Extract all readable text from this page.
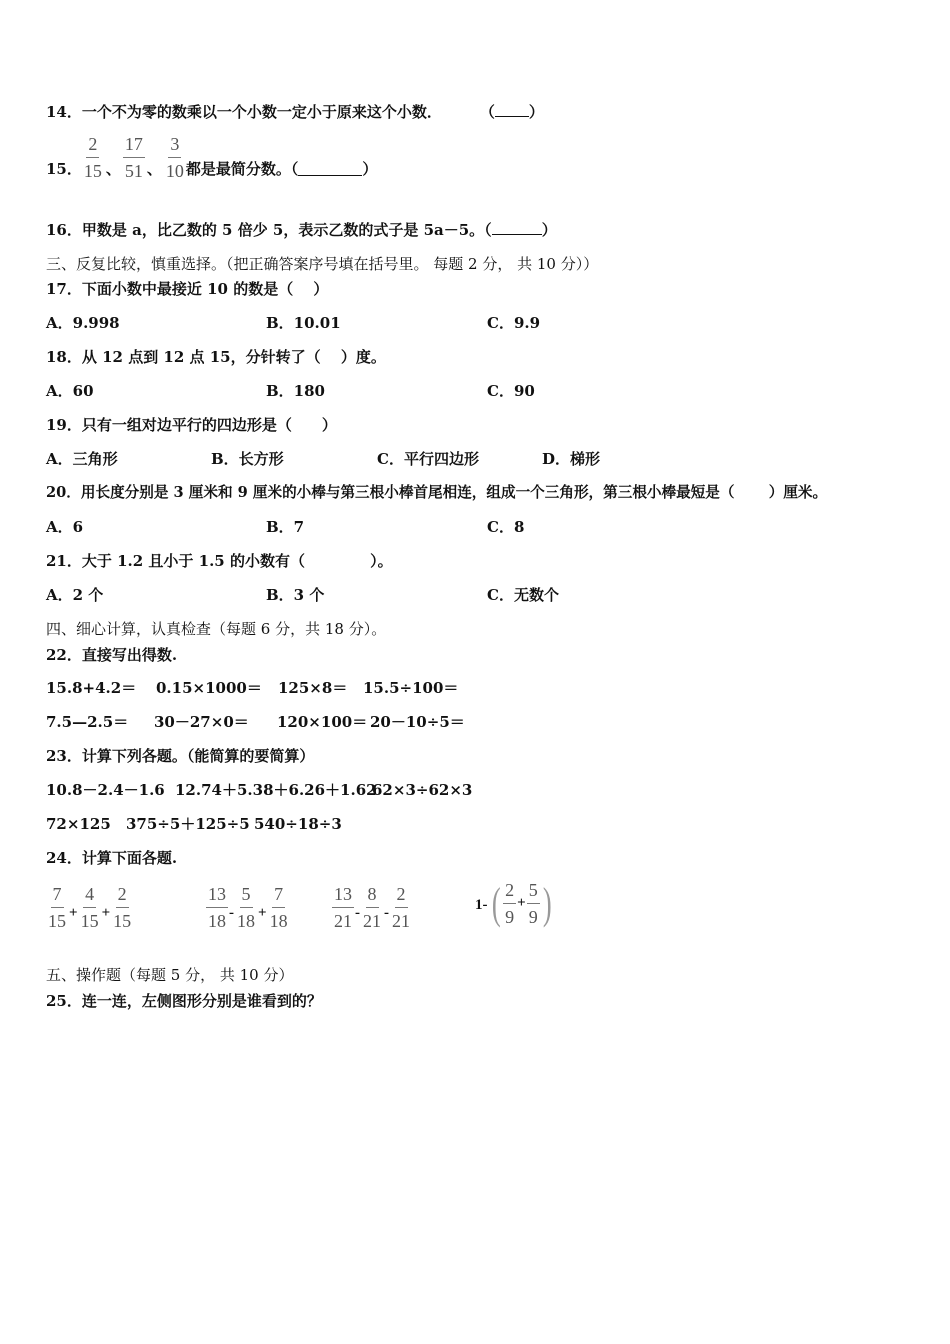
14．一个不为零的数乘以一个小数一定小于原来这个小数．	（ ）
15． $\frac{2}{15}$ 、 $\frac{17}{51}$ 、 $\frac{3}{10}$ 都是最简分数。（	）
16．甲数是 a，比乙数的 5 倍少 5，表示乙数的式子是 5a－5。（	）
三、反复比较，慎重选择。（把正确答案序号填在括号里。 每题 2 分， 共 10 分））
17．下面小数中最接近 10 的数是（　 ）
A．9.998	B．10.01	C．9.9
18．从 12 点到 12 点 15，分针转了（　 ）度。
A．60	B．180	C．90
19．只有一组对边平行的四边形是（　　）
A．三角形	B．长方形	C．平行四边形	D．梯形
20．用长度分别是 3 厘米和 9 厘米的小棒与第三根小棒首尾相连，组成一个三角形，第三根小棒最短是（　　 ）厘米。
A．6	B．7	C．8
21．大于 1.2 且小于 1.5 的小数有（　　　　 ）。
A．2 个	B．3 个	C．无数个
四、细心计算，认真检查（每题 6 分，共 18 分）。
22．直接写出得数.
15.8+4.2＝ 0.15×1000＝ 125×8＝ 15.5÷100＝
7.5—2.5＝ 30－27×0＝ 120×100＝ 20－10÷5＝
23．计算下列各题。（能简算的要简算）
10.8－2.4－1.6 12.74＋5.38＋6.26＋1.62
62×3÷62×3
72×125 375÷5＋125÷5 540÷18÷3
24．计算下面各题.
$\frac{7}{15} + \frac{4}{15} + \frac{2}{15}$	$\frac{13}{18} - \frac{5}{18} + \frac{7}{18} \frac{13}{21} - \frac{8}{21} - \frac{2}{21}$	1- ( $\frac{2}{9} + \frac{5}{9}$ )
五、操作题（每题 5 分， 共 10 分）
25．连一连，左侧图形分别是谁看到的？
